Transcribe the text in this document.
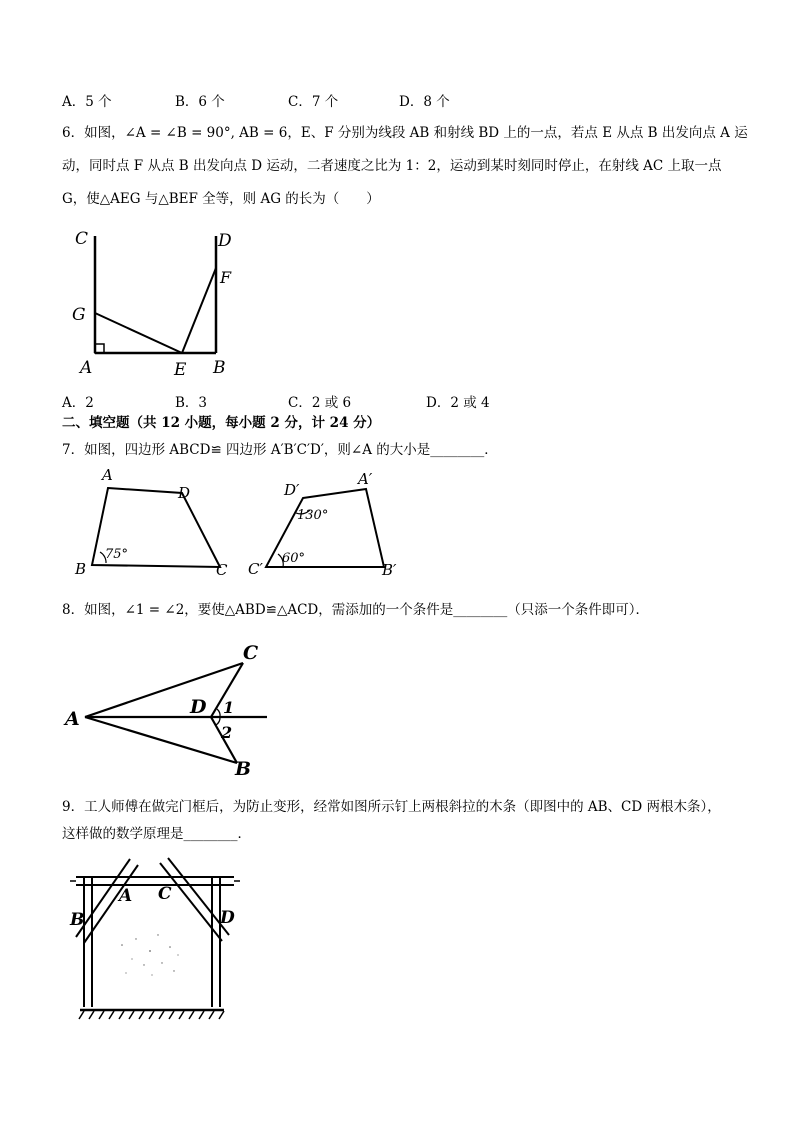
A．5 个	B．6 个	C．7 个	D．8 个
6．如图，∠A = ∠B = 90°, AB = 6，E、F 分别为线段 AB 和射线 BD 上的一点，若点 E 从点 B 出发向点 A 运
动，同时点 F 从点 B 出发向点 D 运动，二者速度之比为 1：2，运动到某时刻同时停止，在射线 AC 上取一点
G，使△AEG 与△BEF 全等，则 AG 的长为（　　）
C	D
F
G
A	E B
A．2	B．3	C．2 或 6	D．2 或 4
二、填空题（共 12 小题，每小题 2 分，计 24 分）
7．如图，四边形 ABCD≌ 四边形 A′B′C′D′，则∠A 的大小是________．
A
D
B	C
75°
D′
A′
C′	B′
130°
60°
8．如图，∠1 = ∠2，要使△ABD≌△ACD，需添加的一个条件是________（只添一个条件即可）．
A
C
D 1
2
B
9．工人师傅在做完门框后，为防止变形，经常如图所示钉上两根斜拉的木条（即图中的 AB、CD 两根木条），
这样做的数学原理是________．
B
A C
D
